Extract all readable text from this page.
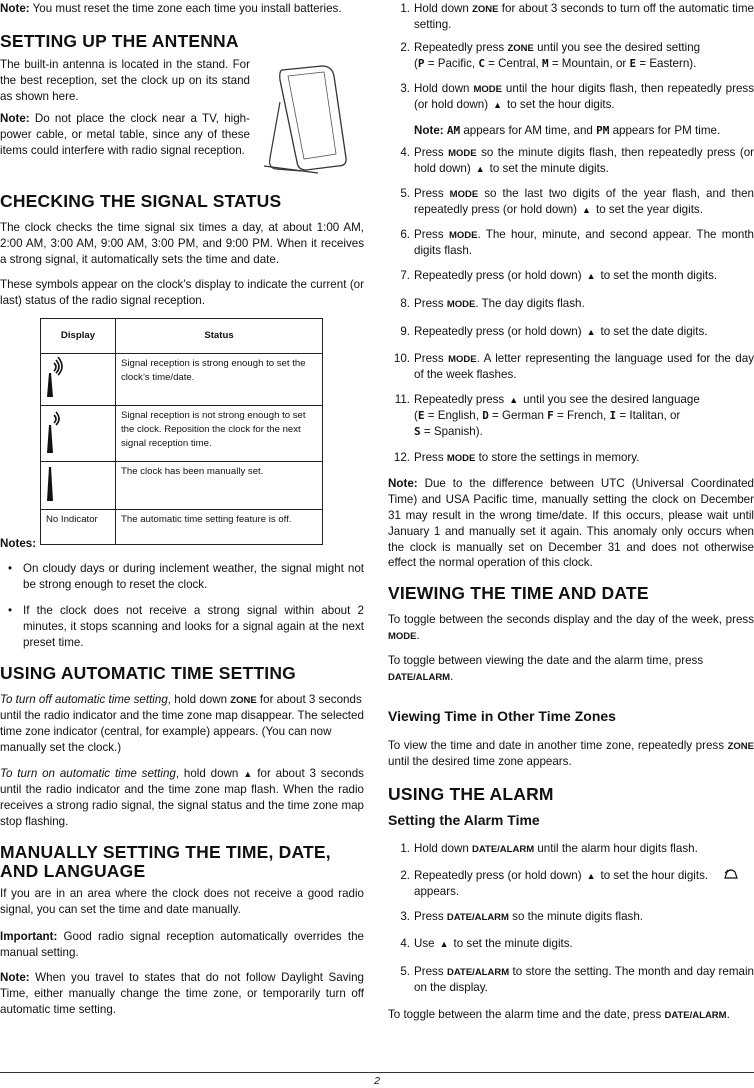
Note: You must reset the time zone each time you install batteries.

SETTING UP THE ANTENNA

The built-in antenna is located in the stand. For the best reception, set the clock up on its stand as shown here.

Note: Do not place the clock near a TV, high-power cable, or metal table, since any of these items could interfere with radio signal reception.

CHECKING THE SIGNAL STATUS

The clock checks the time signal six times a day, at about 1:00 AM, 2:00 AM, 3:00 AM, 9:00 AM, 3:00 PM, and 9:00 PM. When it receives a strong signal, it automatically sets the time and date.

These symbols appear on the clock’s display to indicate the current (or last) status of the radio signal reception.

Display	Status
	Signal reception is strong enough to set the clock’s time/date.
	Signal reception is not strong enough to set the clock. Reposition the clock for the next signal reception time.
	The clock has been manually set.
No Indicator	The automatic time setting feature is off.

Notes:

• On cloudy days or during inclement weather, the signal might not be strong enough to reset the clock.

• If the clock does not receive a strong signal within about 2 minutes, it stops scanning and looks for a signal again at the next preset time.

USING AUTOMATIC TIME SETTING

To turn off automatic time setting, hold down ZONE for about 3 seconds until the radio indicator and the time zone map disappear. The selected time zone indicator (central, for example) appears. (You can now manually set the clock.)

To turn on automatic time setting, hold down ▲ for about 3 seconds until the radio indicator and the time zone map flash. When the radio receives a strong radio signal, the signal status and the time zone map stop flashing.

MANUALLY SETTING THE TIME, DATE, AND LANGUAGE

If you are in an area where the clock does not receive a good radio signal, you can set the time and date manually.

Important: Good radio signal reception automatically overrides the manual setting.

Note: When you travel to states that do not follow Daylight Saving Time, either manually change the time zone, or temporarily turn off automatic time setting.

1. Hold down ZONE for about 3 seconds to turn off the automatic time setting.

2. Repeatedly press ZONE until you see the desired setting
(P = Pacific, C = Central, M = Mountain, or E = Eastern).

3. Hold down MODE until the hour digits flash, then repeatedly press (or hold down) ▲ to set the hour digits.

Note: AM appears for AM time, and PM appears for PM time.

4. Press MODE so the minute digits flash, then repeatedly press (or hold down) ▲ to set the minute digits.

5. Press MODE so the last two digits of the year flash, and then repeatedly press (or hold down) ▲ to set the year digits.

6. Press MODE. The hour, minute, and second appear. The month digits flash.

7. Repeatedly press (or hold down) ▲ to set the month digits.

8. Press MODE. The day digits flash.

9. Repeatedly press (or hold down) ▲ to set the date digits.

10. Press MODE. A letter representing the language used for the day of the week flashes.

11. Repeatedly press ▲ until you see the desired language
(E = English, D = German F = French, I = Italitan, or
S = Spanish).

12. Press MODE to store the settings in memory.

Note: Due to the difference between UTC (Universal Coordinated Time) and USA Pacific time, manually setting the clock on December 31 may result in the wrong time/date. If this occurs, please wait until January 1 and manually set it again. This anomaly only occurs when the clock is manually set on December 31 and does not otherwise effect the normal operation of this clock.

VIEWING THE TIME AND DATE

To toggle between the seconds display and the day of the week, press MODE.

To toggle between viewing the date and the alarm time, press DATE/ALARM.

Viewing Time in Other Time Zones

To view the time and date in another time zone, repeatedly press ZONE until the desired time zone appears.

USING THE ALARM
Setting the Alarm Time
1. Hold down DATE/ALARM until the alarm hour digits flash.

2. Repeatedly press (or hold down) ▲ to set the hour digits.
appears.

3. Press DATE/ALARM so the minute digits flash.

4. Use ▲ to set the minute digits.

5. Press DATE/ALARM to store the setting. The month and day remain on the display.

To toggle between the alarm time and the date, press DATE/ALARM.

2
